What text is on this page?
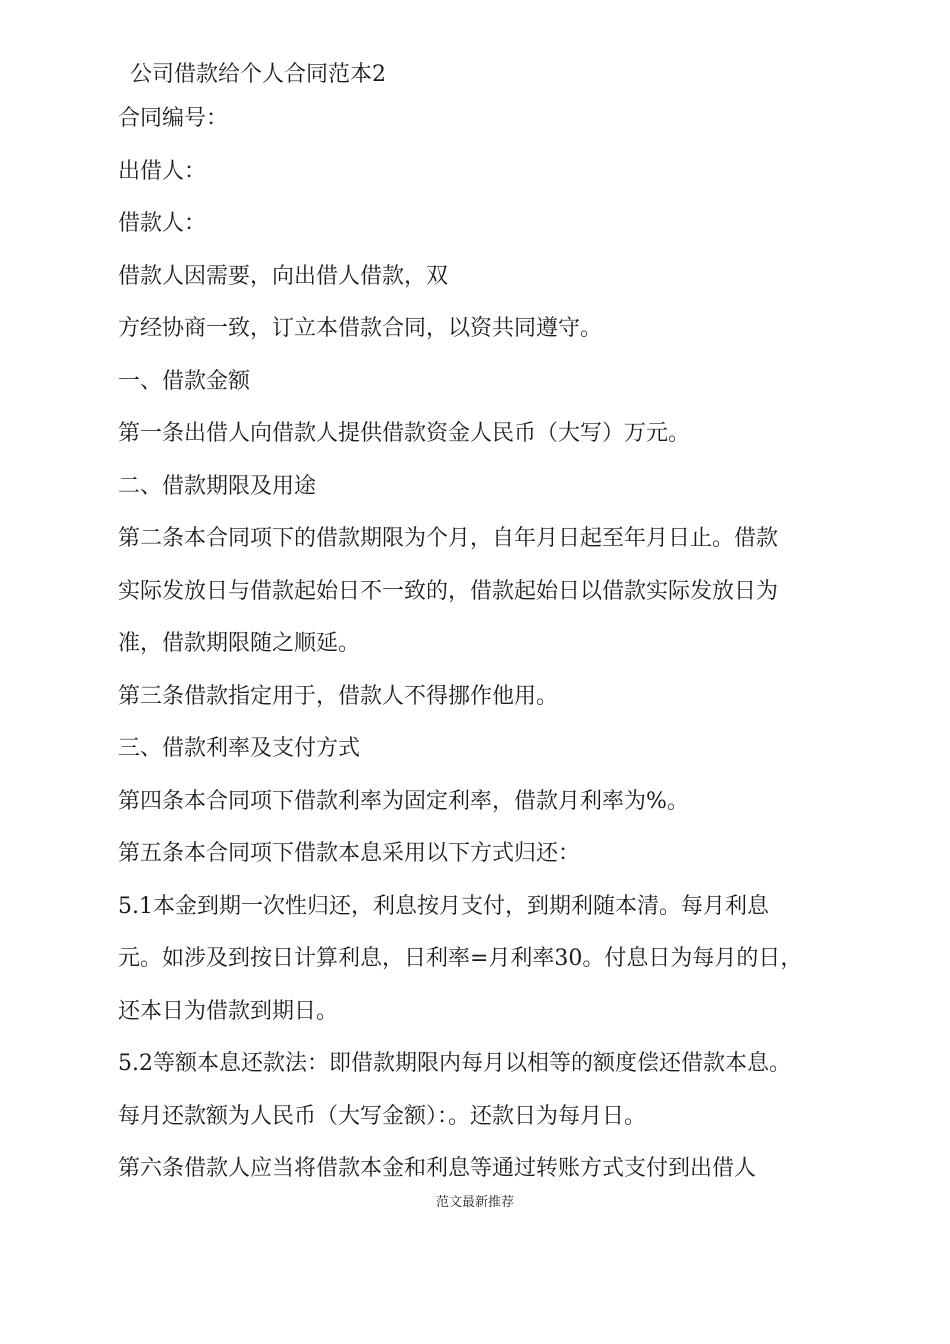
公司借款给个人合同范本2
合同编号：
出借人：
借款人：
借款人因需要，向出借人借款，双
方经协商一致，订立本借款合同，以资共同遵守。
一、借款金额
第一条出借人向借款人提供借款资金人民币（大写）万元。
二、借款期限及用途
第二条本合同项下的借款期限为个月，自年月日起至年月日止。借款
实际发放日与借款起始日不一致的，借款起始日以借款实际发放日为
准，借款期限随之顺延。
第三条借款指定用于，借款人不得挪作他用。
三、借款利率及支付方式
第四条本合同项下借款利率为固定利率，借款月利率为%。
第五条本合同项下借款本息采用以下方式归还：
5.1本金到期一次性归还，利息按月支付，到期利随本清。每月利息
元。如涉及到按日计算利息，日利率=月利率30。付息日为每月的日，
还本日为借款到期日。
5.2等额本息还款法：即借款期限内每月以相等的额度偿还借款本息。
每月还款额为人民币（大写金额）：。还款日为每月日。
第六条借款人应当将借款本金和利息等通过转账方式支付到出借人
范文最新推荐
